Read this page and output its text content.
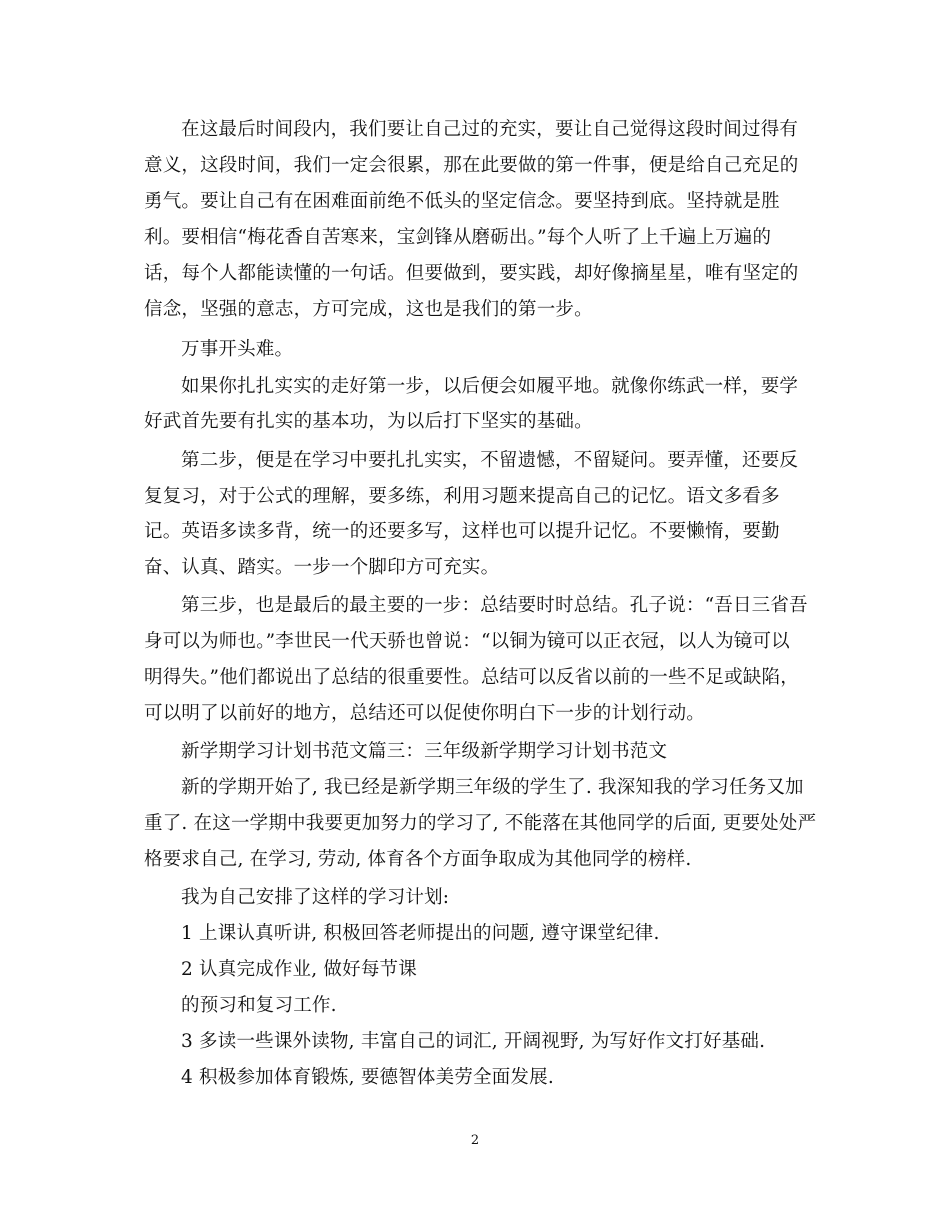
在这最后时间段内，我们要让自己过的充实，要让自己觉得这段时间过得有
意义，这段时间，我们一定会很累，那在此要做的第一件事，便是给自己充足的
勇气。要让自己有在困难面前绝不低头的坚定信念。要坚持到底。坚持就是胜
利。要相信“梅花香自苦寒来，宝剑锋从磨砺出。”每个人听了上千遍上万遍的
话，每个人都能读懂的一句话。但要做到，要实践，却好像摘星星，唯有坚定的
信念，坚强的意志，方可完成，这也是我们的第一步。
万事开头难。
如果你扎扎实实的走好第一步，以后便会如履平地。就像你练武一样，要学
好武首先要有扎实的基本功，为以后打下坚实的基础。
第二步，便是在学习中要扎扎实实，不留遗憾，不留疑问。要弄懂，还要反
复复习，对于公式的理解，要多练，利用习题来提高自己的记忆。语文多看多
记。英语多读多背，统一的还要多写，这样也可以提升记忆。不要懒惰，要勤
奋、认真、踏实。一步一个脚印方可充实。
第三步，也是最后的最主要的一步：总结要时时总结。孔子说：“吾日三省吾
身可以为师也。”李世民一代天骄也曾说：“以铜为镜可以正衣冠，以人为镜可以
明得失。”他们都说出了总结的很重要性。总结可以反省以前的一些不足或缺陷，
可以明了以前好的地方，总结还可以促使你明白下一步的计划行动。
新学期学习计划书范文篇三：三年级新学期学习计划书范文
新的学期开始了, 我已经是新学期三年级的学生了. 我深知我的学习任务又加
重了. 在这一学期中我要更加努力的学习了, 不能落在其他同学的后面, 更要处处严
格要求自己, 在学习, 劳动, 体育各个方面争取成为其他同学的榜样.
我为自己安排了这样的学习计划:
1 上课认真听讲, 积极回答老师提出的问题, 遵守课堂纪律.
2 认真完成作业, 做好每节课
的预习和复习工作.
3 多读一些课外读物, 丰富自己的词汇, 开阔视野, 为写好作文打好基础.
4 积极参加体育锻炼, 要德智体美劳全面发展.
2
